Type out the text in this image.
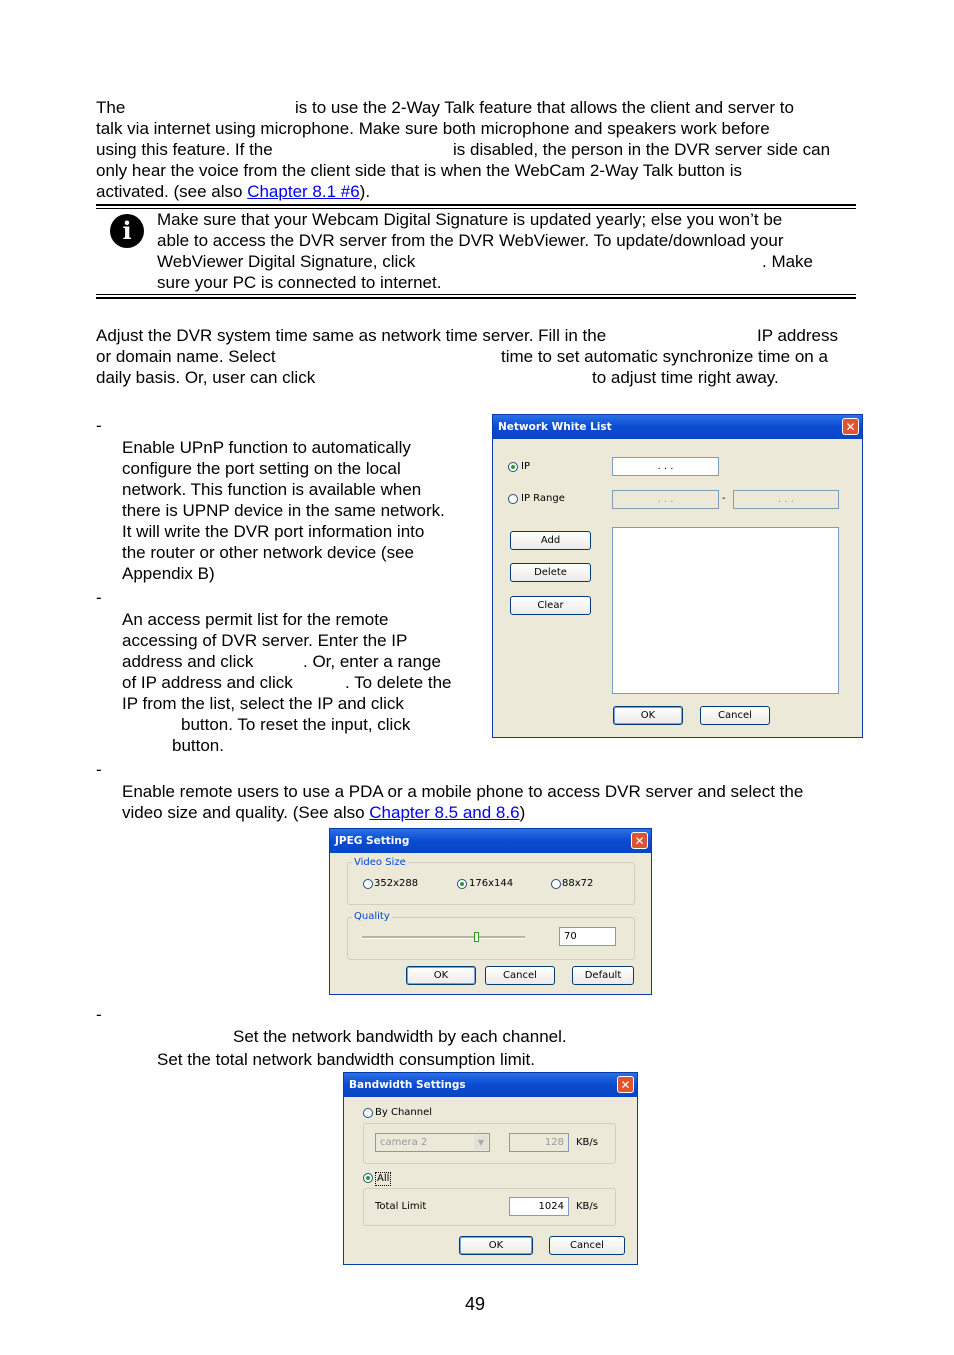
The	is to use the 2-Way Talk feature that allows the client and server to
talk via internet using microphone. Make sure both microphone and speakers work before
using this feature. If the	is disabled, the person in the DVR server side can
only hear the voice from the client side that is when the WebCam 2-Way Talk button is
activated. (see also Chapter 8.1 #6).
i	Make sure that your Webcam Digital Signature is updated yearly; else you won’t be
able to access the DVR server from the DVR WebViewer. To update/download your
WebViewer Digital Signature, click	. Make
sure your PC is connected to internet.
Adjust the DVR system time same as network time server. Fill in the	IP address
or domain name. Select	time to set automatic synchronize time on a
daily basis. Or, user can click	to adjust time right away.
-
Enable UPnP function to automatically
configure the port setting on the local
network. This function is available when
there is UPNP device in the same network.
It will write the DVR port information into
the router or other network device (see
Appendix B)
-
An access permit list for the remote
accessing of DVR server. Enter the IP
address and click	. Or, enter a range
of IP address and click	. To delete the
IP from the list, select the IP and click
button. To reset the input, click
button.
Network White List	✕
IP	. . .
IP Range	. . .	-	. . .
Add
Delete
Clear
OK	Cancel
-
Enable remote users to use a PDA or a mobile phone to access DVR server and select the
video size and quality. (See also Chapter 8.5 and 8.6)
JPEG Setting	✕
Video Size
352x288	176x144	88x72
Quality
70
OK	Cancel	Default
-
Set the network bandwidth by each channel.
Set the total network bandwidth consumption limit.
Bandwidth Settings	✕
By Channel
camera 2	▼	128	KB/s
All
Total Limit	1024	KB/s
OK	Cancel
49
